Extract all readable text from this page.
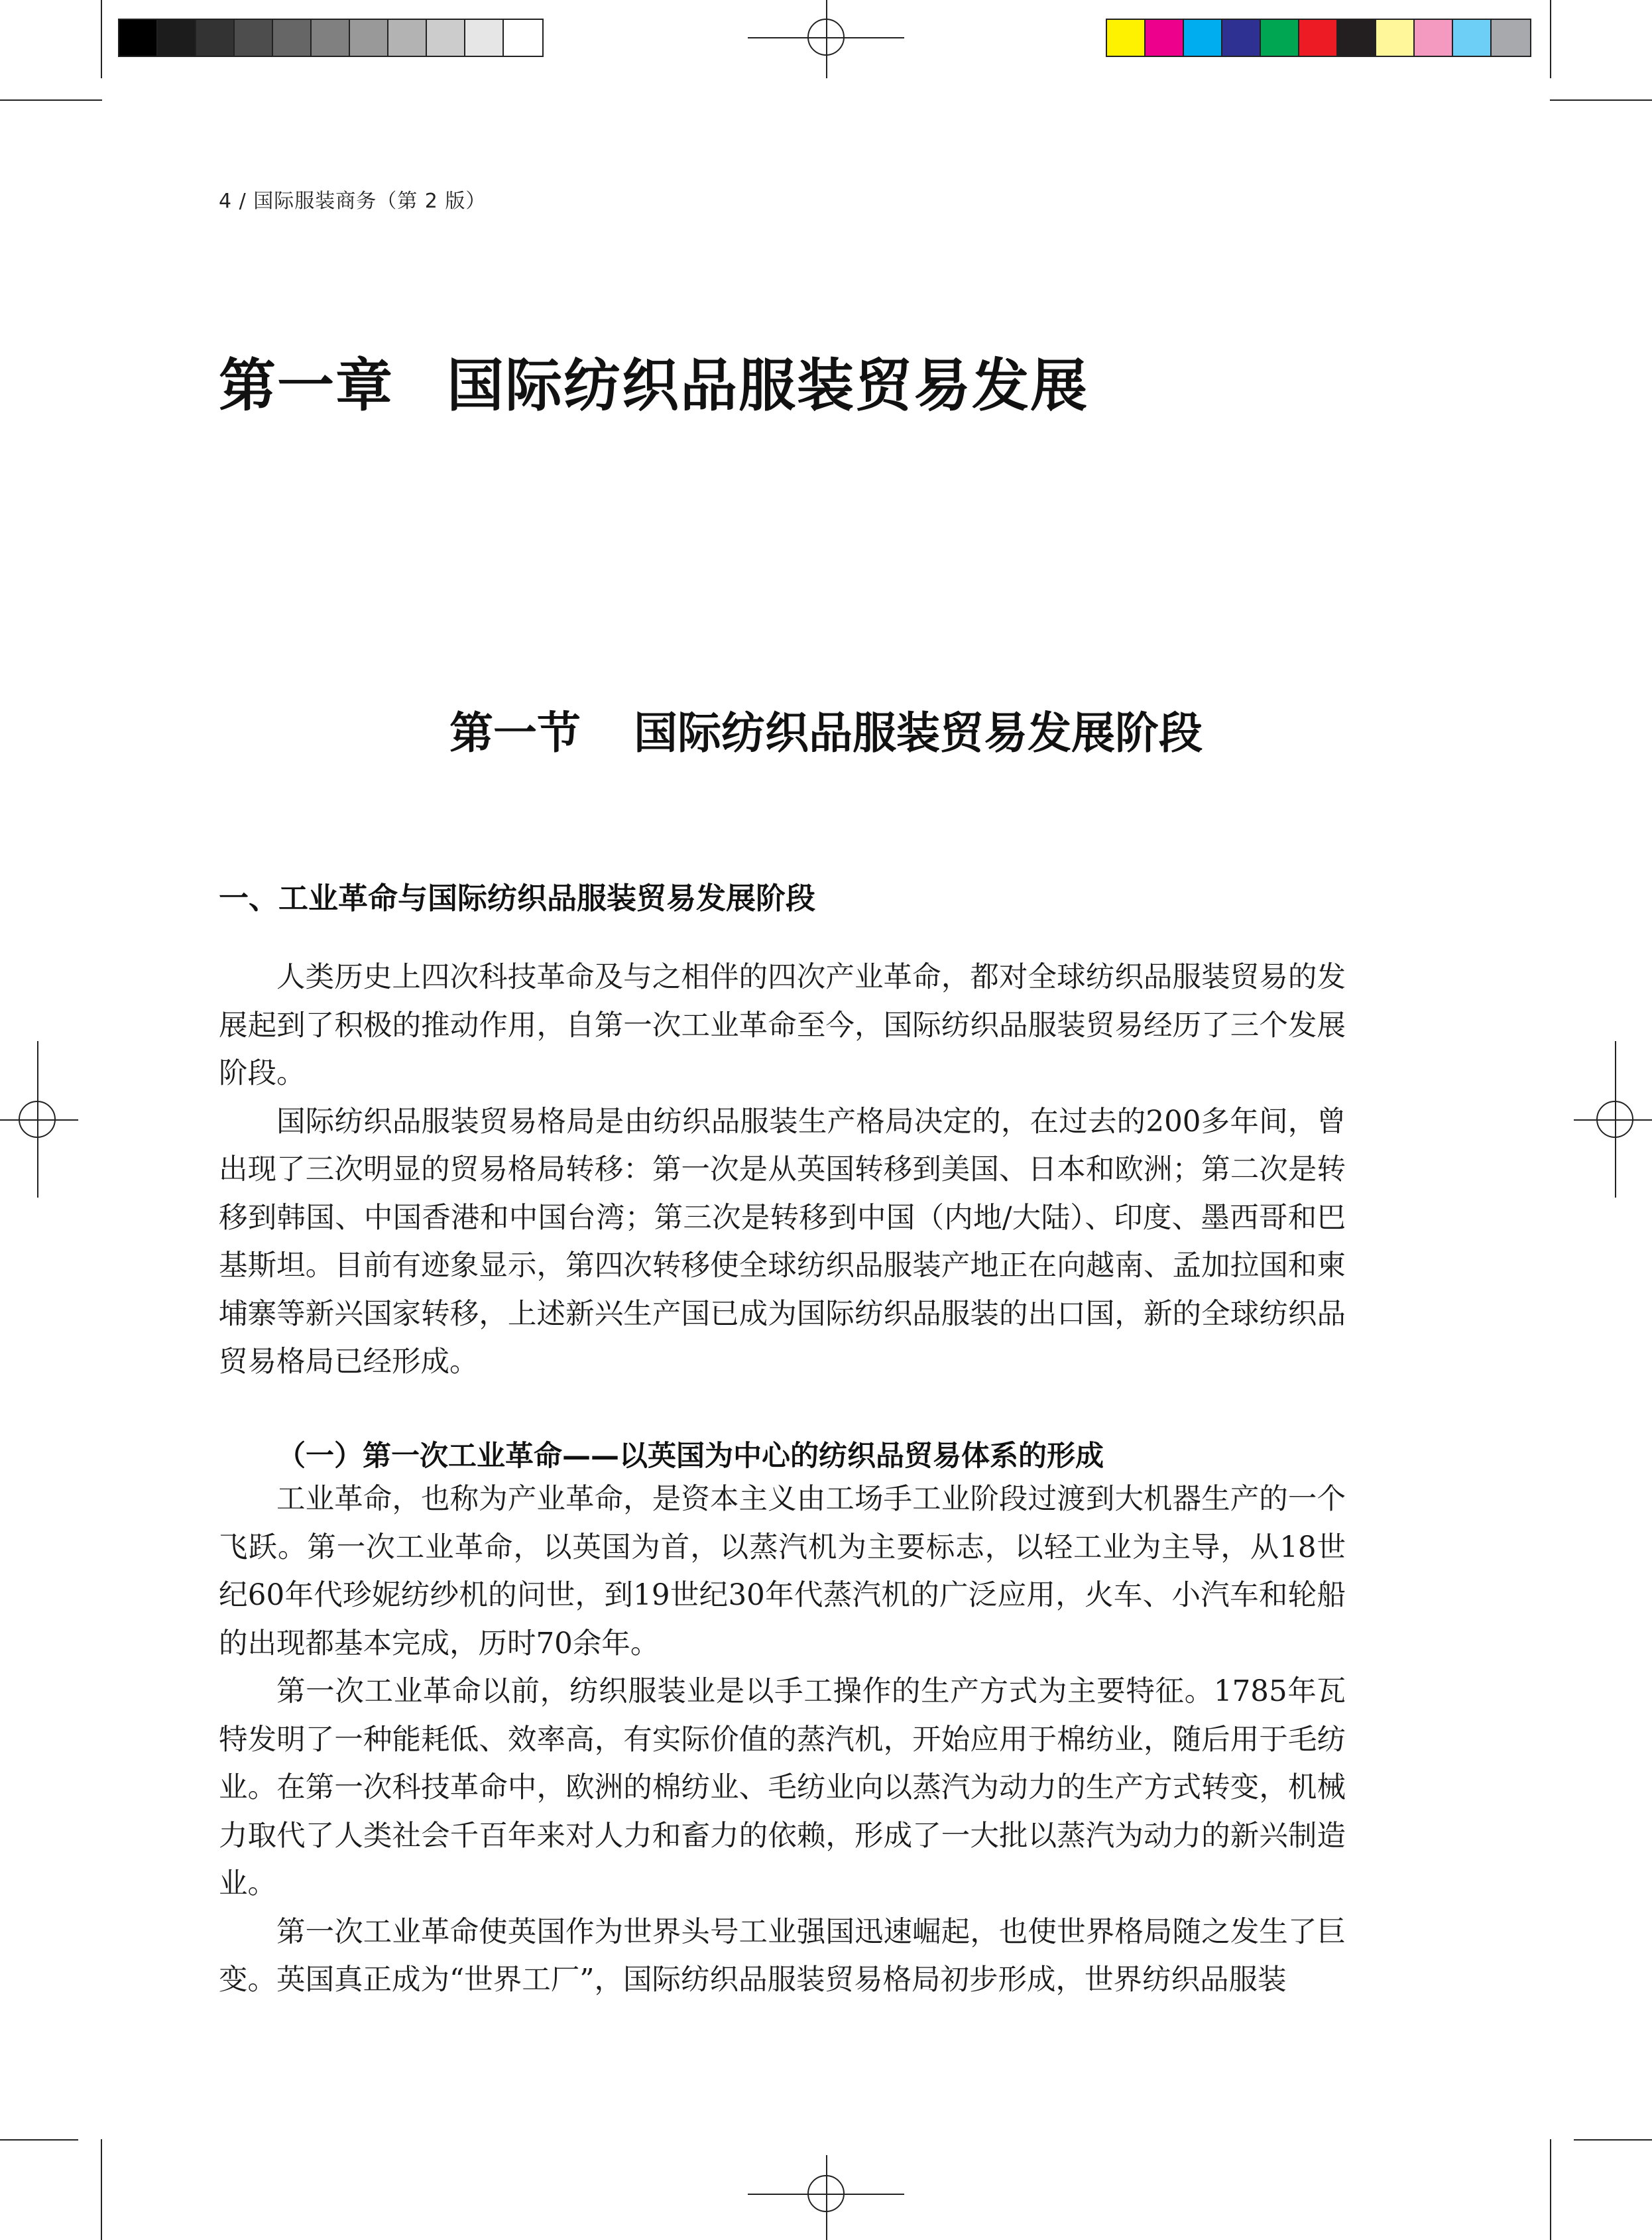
4 / 国际服装商务（第 2 版）
第一章 国际纺织品服装贸易发展
第一节 国际纺织品服装贸易发展阶段
一、工业革命与国际纺织品服装贸易发展阶段

人类历史上四次科技革命及与之相伴的四次产业革命，都对全球纺织品服装贸易的发展起到了积极的推动作用，自第一次工业革命至今，国际纺织品服装贸易经历了三个发展阶段。

国际纺织品服装贸易格局是由纺织品服装生产格局决定的，在过去的200多年间，曾出现了三次明显的贸易格局转移：第一次是从英国转移到美国、日本和欧洲；第二次是转移到韩国、中国香港和中国台湾；第三次是转移到中国（内地/大陆）、印度、墨西哥和巴基斯坦。目前有迹象显示，第四次转移使全球纺织品服装产地正在向越南、孟加拉国和柬埔寨等新兴国家转移，上述新兴生产国已成为国际纺织品服装的出口国，新的全球纺织品贸易格局已经形成。

（一）第一次工业革命——以英国为中心的纺织品贸易体系的形成

工业革命，也称为产业革命，是资本主义由工场手工业阶段过渡到大机器生产的一个飞跃。第一次工业革命，以英国为首，以蒸汽机为主要标志，以轻工业为主导，从18世纪60年代珍妮纺纱机的问世，到19世纪30年代蒸汽机的广泛应用，火车、小汽车和轮船的出现都基本完成，历时70余年。

第一次工业革命以前，纺织服装业是以手工操作的生产方式为主要特征。1785年瓦特发明了一种能耗低、效率高，有实际价值的蒸汽机，开始应用于棉纺业，随后用于毛纺业。在第一次科技革命中，欧洲的棉纺业、毛纺业向以蒸汽为动力的生产方式转变，机械力取代了人类社会千百年来对人力和畜力的依赖，形成了一大批以蒸汽为动力的新兴制造业。

第一次工业革命使英国作为世界头号工业强国迅速崛起，也使世界格局随之发生了巨变。英国真正成为“世界工厂”，国际纺织品服装贸易格局初步形成，世界纺织品服装
